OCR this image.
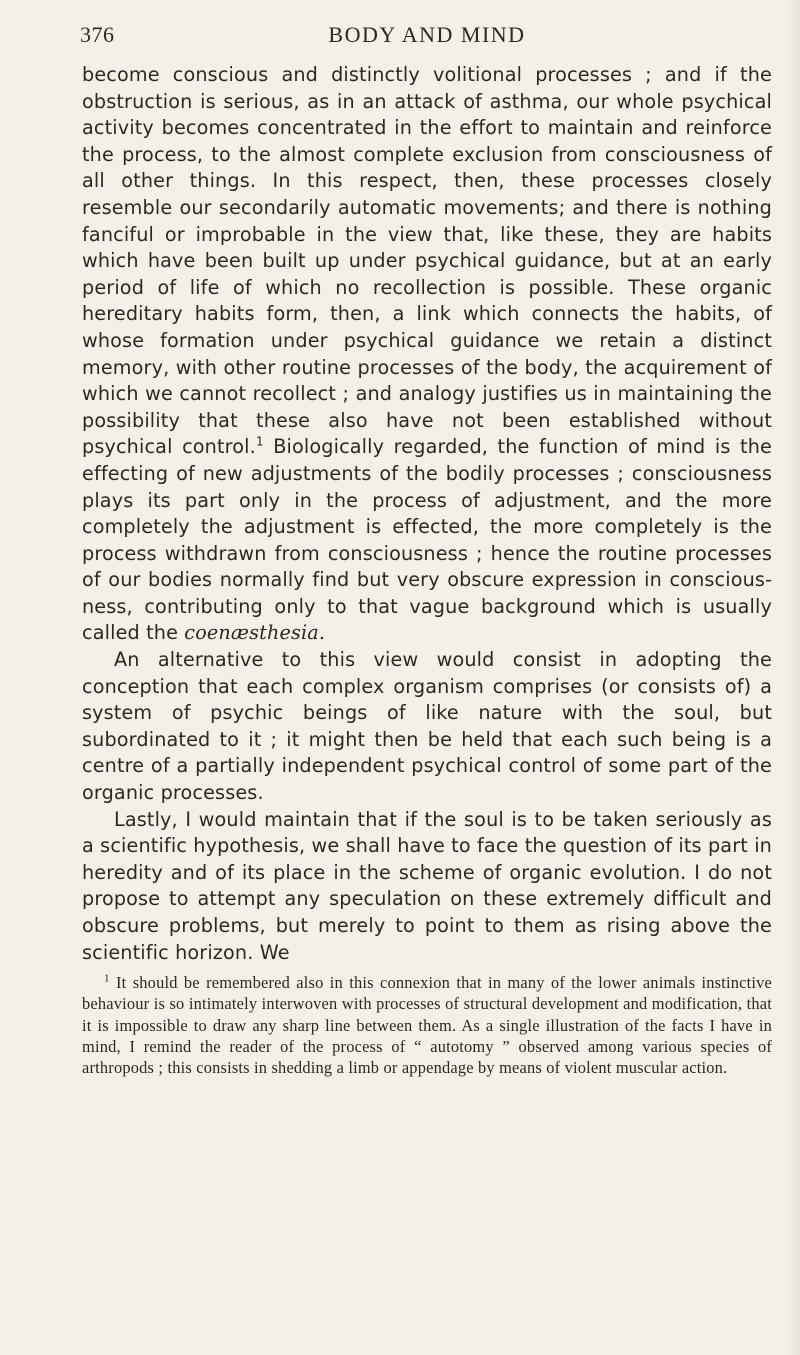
376	BODY AND MIND

become conscious and distinctly volitional processes ; and if the obstruction is serious, as in an attack of asthma, our whole psychical activity becomes concentrated in the effort to maintain and reinforce the process, to the almost complete exclusion from consciousness of all other things. In this respect, then, these processes closely resemble our secondarily automatic movements; and there is nothing fanciful or improbable in the view that, like these, they are habits which have been built up under psychical guidance, but at an early period of life of which no recollection is possible. These organic hereditary habits form, then, a link which connects the habits, of whose formation under psychical guidance we retain a distinct memory, with other routine processes of the body, the acquirement of which we cannot recollect ; and analogy justifies us in maintaining the possibility that these also have not been established without psychical control.$^1$ Biologically regarded, the function of mind is the effecting of new adjustments of the bodily processes ; consciousness plays its part only in the process of adjustment, and the more completely the adjustment is effected, the more completely is the process withdrawn from consciousness ; hence the routine processes of our bodies normally find but very obscure expression in consciousness, contributing only to that vague background which is usually called the coenæsthesia.

An alternative to this view would consist in adopting the conception that each complex organism comprises (or consists of) a system of psychic beings of like nature with the soul, but subordinated to it ; it might then be held that each such being is a centre of a partially independent psychical control of some part of the organic processes.

Lastly, I would maintain that if the soul is to be taken seriously as a scientific hypothesis, we shall have to face the question of its part in heredity and of its place in the scheme of organic evolution. I do not propose to attempt any speculation on these extremely difficult and obscure problems, but merely to point to them as rising above the scientific horizon. We

$^1$ It should be remembered also in this connexion that in many of the lower animals instinctive behaviour is so intimately interwoven with processes of structural development and modification, that it is impossible to draw any sharp line between them. As a single illustration of the facts I have in mind, I remind the reader of the process of “ autotomy ” observed among various species of arthropods ; this consists in shedding a limb or appendage by means of violent muscular action.
